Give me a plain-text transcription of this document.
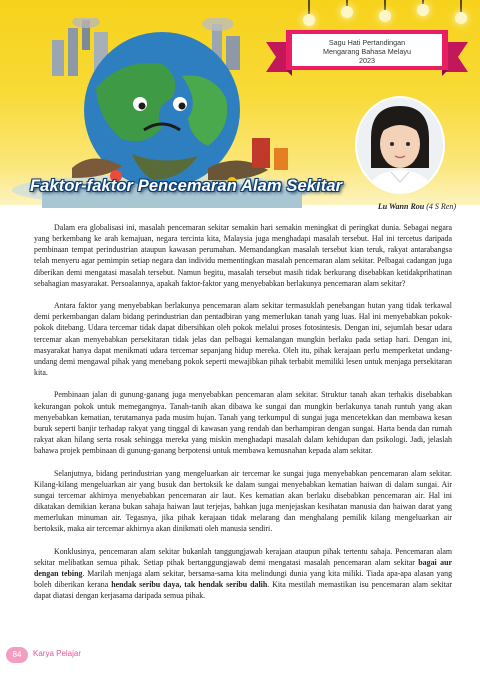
Sagu Hati Pertandingan
Mengarang Bahasa Melayu
2023
Faktor-faktor Pencemaran Alam Sekitar

Lu Wann Rou (4 S Ren)

Dalam era globalisasi ini, masalah pencemaran sekitar semakin hari semakin meningkat di peringkat dunia. Sebagai negara yang berkembang ke arah kemajuan, negara tercinta kita, Malaysia juga menghadapi masalah tersebut. Hal ini tercetus daripada pembinaan tempat perindustrian ataupun kawasan perumahan. Memandangkan masalah tersebut kian teruk, rakyat antarabangsa telah menyeru agar pemimpin setiap negara dan individu mementingkan masalah pencemaran alam sekitar. Pelbagai cadangan juga diberikan demi mengatasi masalah tersebut. Namun begitu, masalah tersebut masih tidak berkurang disebabkan ketidakprihatinan sebahagian masyarakat. Persoalannya, apakah faktor-faktor yang menyebabkan berlakunya pencemaran alam sekitar?

Antara faktor yang menyebabkan berlakunya pencemaran alam sekitar termasuklah penebangan hutan yang tidak terkawal demi perkembangan dalam bidang perindustrian dan pentadbiran yang memerlukan tanah yang luas. Hal ini menyebabkan pokok-pokok ditebang. Udara tercemar tidak dapat dibersihkan oleh pokok melalui proses fotosintesis. Dengan ini, sejumlah besar udara tercemar akan menyebabkan persekitaran tidak jelas dan pelbagai kemalangan mungkin berlaku pada setiap hari. Dengan ini, masyarakat hanya dapat menikmati udara tercemar sepanjang hidup mereka. Oleh itu, pihak kerajaan perlu memperketat undang-undang demi mengawal pihak yang menebang pokok seperti mewajibkan pihak terbabit memiliki lesen untuk menjaga persekitaran kita.

Pembinaan jalan di gunung-ganang juga menyebabkan pencemaran alam sekitar. Struktur tanah akan terhakis disebabkan kekurangan pokok untuk memegangnya. Tanah-tanih akan dibawa ke sungai dan mungkin berlakunya tanah runtuh yang akan menyebabkan kematian, terutamanya pada musim hujan. Tanah yang terkumpul di sungai juga mencetekkan dan membawa kesan buruk seperti banjir terhadap rakyat yang tinggal di kawasan yang rendah dan berhampiran dengan sungai. Harta benda dan rumah rakyat akan hilang serta rosak sehingga mereka yang miskin menghadapi masalah dalam kehidupan dan psikologi. Jadi, jelaslah bahawa projek pembinaan di gunung-ganang berpotensi untuk membawa kemusnahan kepada alam sekitar.

Selanjutnya, bidang perindustrian yang mengeluarkan air tercemar ke sungai juga menyebabkan pencemaran alam sekitar. Kilang-kilang mengeluarkan air yang busuk dan bertoksik ke dalam sungai menyebabkan kematian haiwan di dalam sungai. Air sungai tercemar akhirnya menyebabkan pencemaran air laut. Kes kematian akan berlaku disebabkan pencemaran air. Hal ini dikatakan demikian kerana bukan sahaja haiwan laut terjejas, bahkan juga menjejaskan kesihatan manusia dan haiwan darat yang memerlukan minuman air. Tegasnya, jika pihak kerajaan tidak melarang dan menghalang pemilik kilang mengeluarkan air bertoksik, maka air tercemar akhirnya akan dinikmati oleh manusia sendiri.

Konklusinya, pencemaran alam sekitar bukanlah tanggungjawab kerajaan ataupun pihak tertentu sahaja. Pencemaran alam sekitar melibatkan semua pihak. Setiap pihak bertanggungjawab demi mengatasi masalah pencemaran alam sekitar bagai aur dengan tebing. Marilah menjaga alam sekitar, bersama-sama kita melindungi dunia yang kita miliki. Tiada apa-apa alasan yang boleh diberikan kerana hendak seribu daya, tak hendak seribu dalih. Kita mestilah memastikan isu pencemaran alam sekitar dapat diatasi dengan kerjasama daripada semua pihak.

84	Karya Pelajar
